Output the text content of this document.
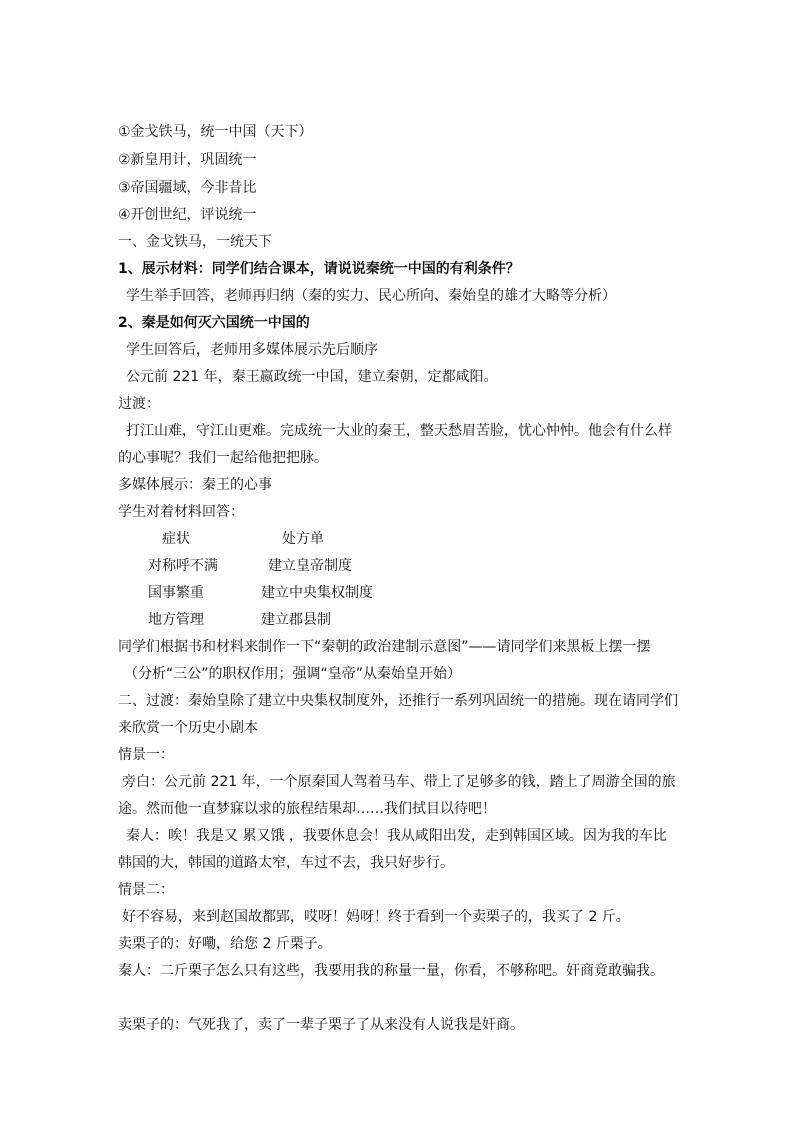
①金戈铁马，统一中国（天下）
②新皇用计，巩固统一
③帝国疆域，今非昔比
④开创世纪，评说统一
一、金戈铁马，一统天下
1、展示材料：同学们结合课本，请说说秦统一中国的有利条件？
学生举手回答，老师再归纳（秦的实力、民心所向、秦始皇的雄才大略等分析）
2、秦是如何灭六国统一中国的
学生回答后，老师用多媒体展示先后顺序
公元前 221 年，秦王嬴政统一中国，建立秦朝，定都咸阳。
过渡：
打江山难，守江山更难。完成统一大业的秦王，整天愁眉苦脸，忧心忡忡。他会有什么样
的心事呢？我们一起给他把把脉。
多媒体展示：秦王的心事
学生对着材料回答：
症状	处方单
对称呼不满	建立皇帝制度
国事繁重	建立中央集权制度
地方管理	建立郡县制
同学们根据书和材料来制作一下“秦朝的政治建制示意图”——请同学们来黑板上摆一摆
（分析“三公”的职权作用；强调“皇帝”从秦始皇开始）
二、过渡：秦始皇除了建立中央集权制度外，还推行一系列巩固统一的措施。现在请同学们
来欣赏一个历史小剧本
情景一：
旁白：公元前 221 年，一个原秦国人驾着马车、带上了足够多的钱，踏上了周游全国的旅
途。然而他一直梦寐以求的旅程结果却……我们拭目以待吧！
秦人：唉！我是又 累又饿 ，我要休息会！我从咸阳出发，走到韩国区域。因为我的车比
韩国的大，韩国的道路太窄，车过不去，我只好步行。
情景二：
好不容易，来到赵国故都郢，哎呀！妈呀！终于看到一个卖栗子的，我买了 2 斤。
卖栗子的：好嘞，给您 2 斤栗子。
秦人：二斤栗子怎么只有这些，我要用我的称量一量，你看，不够称吧。奸商竟敢骗我。
卖栗子的：气死我了，卖了一辈子栗子了从来没有人说我是奸商。
